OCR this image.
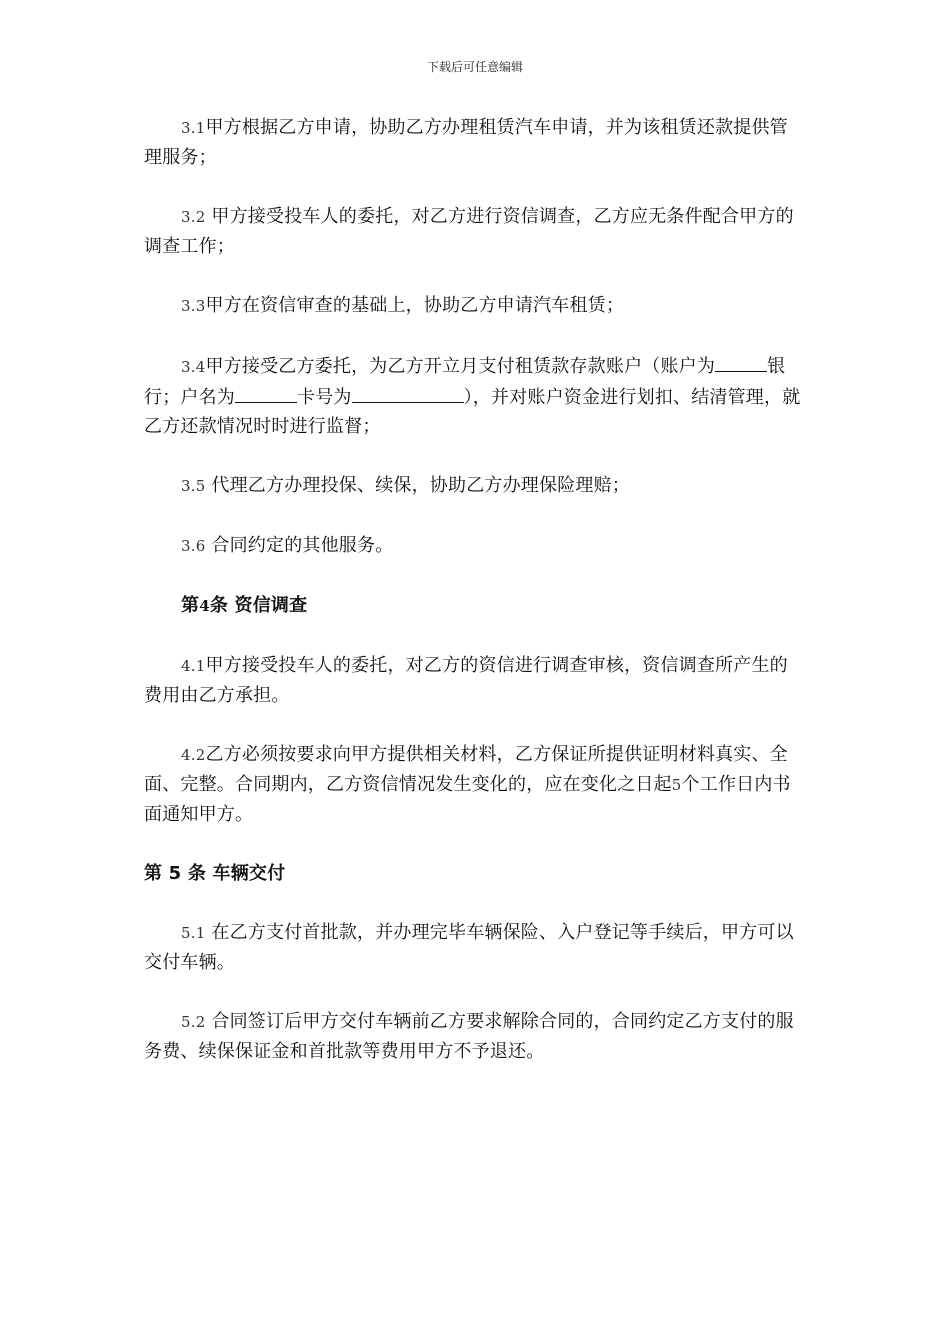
下载后可任意编辑

3.1甲方根据乙方申请，协助乙方办理租赁汽车申请，并为该租赁还款提供管理服务；

3.2 甲方接受投车人的委托，对乙方进行资信调查，乙方应无条件配合甲方的调查工作；

3.3甲方在资信审查的基础上，协助乙方申请汽车租赁；

3.4甲方接受乙方委托，为乙方开立月支付租赁款存款账户（账户为	银行；户名为	卡号为	），并对账户资金进行划扣、结清管理，就乙方还款情况时时进行监督；

3.5 代理乙方办理投保、续保，协助乙方办理保险理赔；

3.6 合同约定的其他服务。

第4条 资信调查

4.1甲方接受投车人的委托，对乙方的资信进行调查审核，资信调查所产生的费用由乙方承担。

4.2乙方必须按要求向甲方提供相关材料，乙方保证所提供证明材料真实、全面、完整。合同期内，乙方资信情况发生变化的，应在变化之日起5个工作日内书面通知甲方。

第 5 条 车辆交付

5.1 在乙方支付首批款，并办理完毕车辆保险、入户登记等手续后，甲方可以交付车辆。

5.2 合同签订后甲方交付车辆前乙方要求解除合同的，合同约定乙方支付的服务费、续保保证金和首批款等费用甲方不予退还。
